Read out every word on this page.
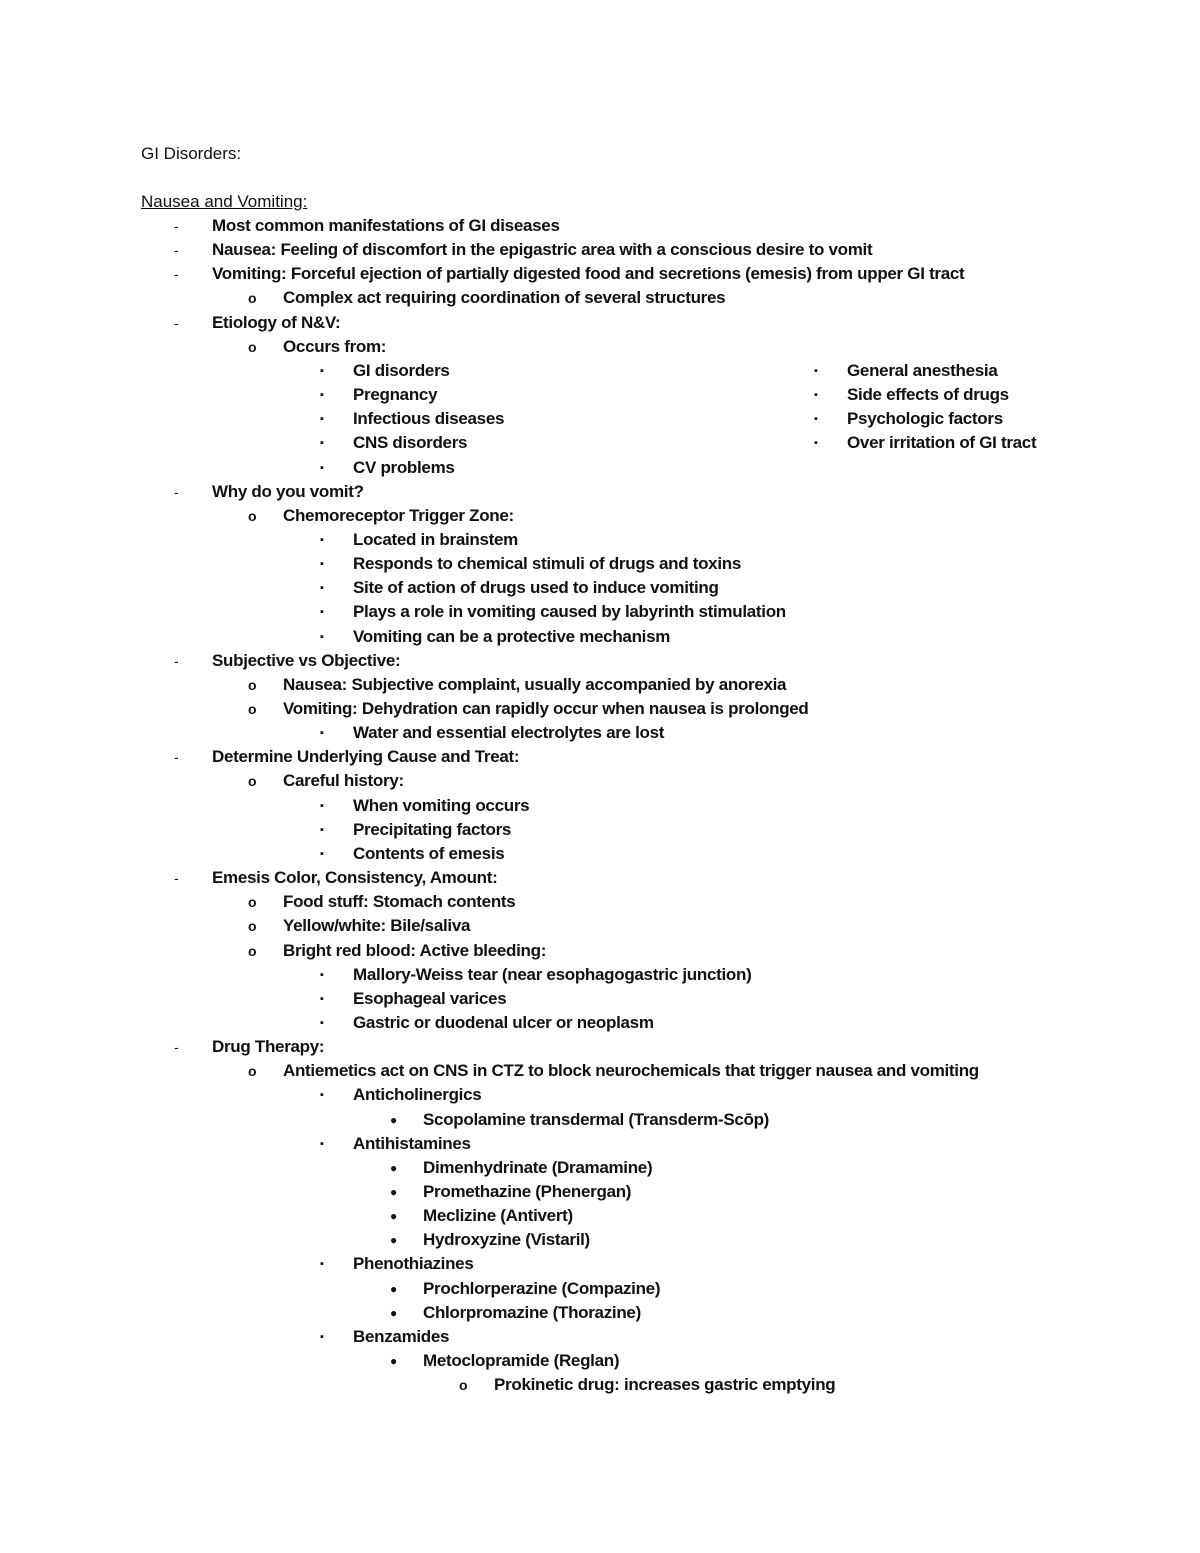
GI Disorders:
Nausea and Vomiting:
- Most common manifestations of GI diseases
- Nausea: Feeling of discomfort in the epigastric area with a conscious desire to vomit
- Vomiting: Forceful ejection of partially digested food and secretions (emesis) from upper GI tract
o Complex act requiring coordination of several structures
- Etiology of N&V:
o Occurs from:
▪ GI disorders
▪ Pregnancy
▪ Infectious diseases
▪ CNS disorders
▪ CV problems
- Why do you vomit?
o Chemoreceptor Trigger Zone:
▪ Located in brainstem
▪ Responds to chemical stimuli of drugs and toxins
▪ Site of action of drugs used to induce vomiting
▪ Plays a role in vomiting caused by labyrinth stimulation
▪ Vomiting can be a protective mechanism
- Subjective vs Objective:
o Nausea: Subjective complaint, usually accompanied by anorexia
o Vomiting: Dehydration can rapidly occur when nausea is prolonged
▪ Water and essential electrolytes are lost
- Determine Underlying Cause and Treat:
o Careful history:
▪ When vomiting occurs
▪ Precipitating factors
▪ Contents of emesis
- Emesis Color, Consistency, Amount:
o Food stuff: Stomach contents
o Yellow/white: Bile/saliva
o Bright red blood: Active bleeding:
▪ Mallory-Weiss tear (near esophagogastric junction)
▪ Esophageal varices
▪ Gastric or duodenal ulcer or neoplasm
- Drug Therapy:
o Antiemetics act on CNS in CTZ to block neurochemicals that trigger nausea and vomiting
▪ Anticholinergics
● Scopolamine transdermal (Transderm-Scōp)
▪ Antihistamines
● Dimenhydrinate (Dramamine)
● Promethazine (Phenergan)
● Meclizine (Antivert)
● Hydroxyzine (Vistaril)
▪ Phenothiazines
● Prochlorperazine (Compazine)
● Chlorpromazine (Thorazine)
▪ Benzamides
● Metoclopramide (Reglan)
o Prokinetic drug: increases gastric emptying
▪ General anesthesia
▪ Side effects of drugs
▪ Psychologic factors
▪ Over irritation of GI tract
